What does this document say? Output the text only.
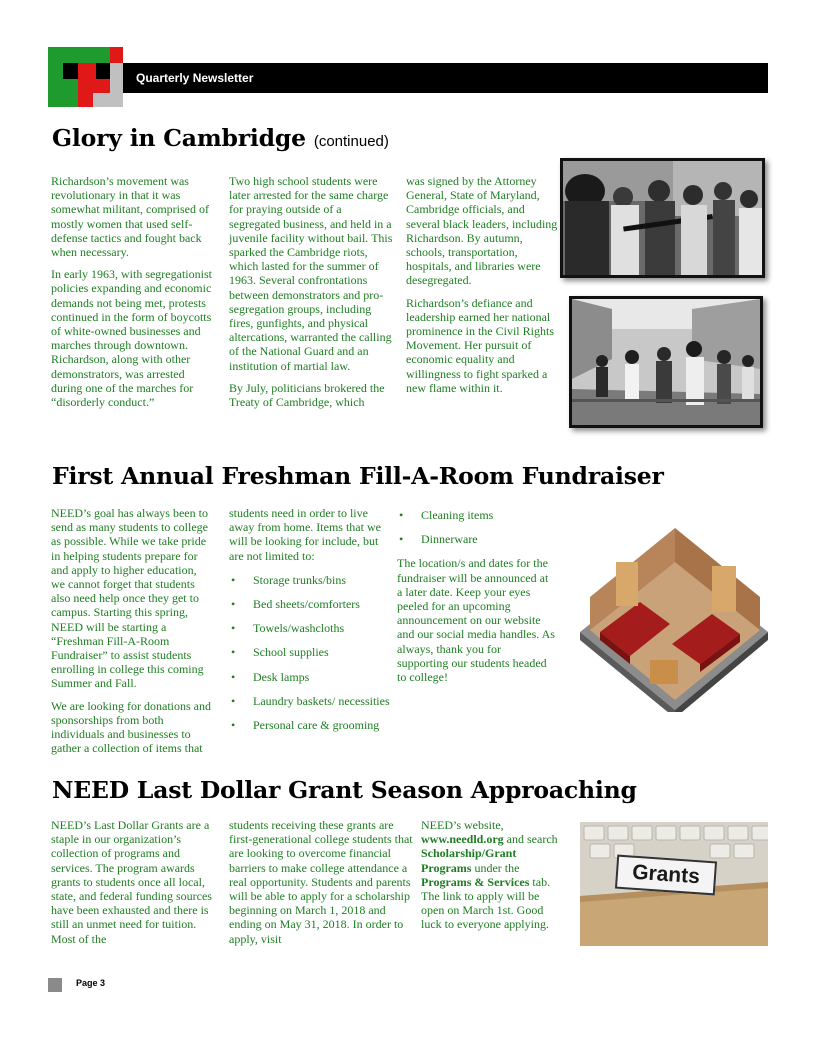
Quarterly Newsletter
Glory in Cambridge (continued)

Richardson’s movement was revolutionary in that it was somewhat militant, comprised of mostly women that used self-defense tactics and fought back when necessary.

In early 1963, with segregationist policies expanding and economic demands not being met, protests continued in the form of boycotts of white-owned businesses and marches through downtown. Richardson, along with other demonstrators, was arrested during one of the marches for “disorderly conduct.”

Two high school students were later arrested for the same charge for praying outside of a segregated business, and held in a juvenile facility without bail. This sparked the Cambridge riots, which lasted for the summer of 1963. Several confrontations between demonstrators and pro-segregation groups, including fires, gunfights, and physical altercations, warranted the calling of the National Guard and an institution of martial law.

By July, politicians brokered the Treaty of Cambridge, which

was signed by the Attorney General, State of Maryland, Cambridge officials, and several black leaders, including Richardson. By autumn, schools, transportation, hospitals, and libraries were desegregated.

Richardson’s defiance and leadership earned her national prominence in the Civil Rights Movement. Her pursuit of economic equality and willingness to fight sparked a new flame within it.

First Annual Freshman Fill-A-Room Fundraiser

NEED’s goal has always been to send as many students to college as possible. While we take pride in helping students prepare for and apply to higher education, we cannot forget that students also need help once they get to campus. Starting this spring, NEED will be starting a “Freshman Fill-A-Room Fundraiser” to assist students enrolling in college this coming Summer and Fall.

We are looking for donations and sponsorships from both individuals and businesses to gather a collection of items that

students need in order to live away from home. Items that we will be looking for include, but are not limited to:

• Storage trunks/bins
• Bed sheets/comforters
• Towels/washcloths
• School supplies
• Desk lamps
• Laundry baskets/ necessities
• Personal care & grooming
• Cleaning items
• Dinnerware

The location/s and dates for the fundraiser will be announced at a later date. Keep your eyes peeled for an upcoming announcement on our website and our social media handles. As always, thank you for supporting our students headed to college!

NEED Last Dollar Grant Season Approaching

NEED’s Last Dollar Grants are a staple in our organization’s collection of programs and services. The program awards grants to students once all local, state, and federal funding sources have been exhausted and there is still an unmet need for tuition. Most of the

students receiving these grants are first-generational college students that are looking to overcome financial barriers to make college attendance a real opportunity. Students and parents will be able to apply for a scholarship beginning on March 1, 2018 and ending on May 31, 2018. In order to apply, visit

NEED’s website, www.needld.org and search Scholarship/Grant Programs under the Programs & Services tab. The link to apply will be open on March 1st. Good luck to everyone applying.

Grants
Page 3
